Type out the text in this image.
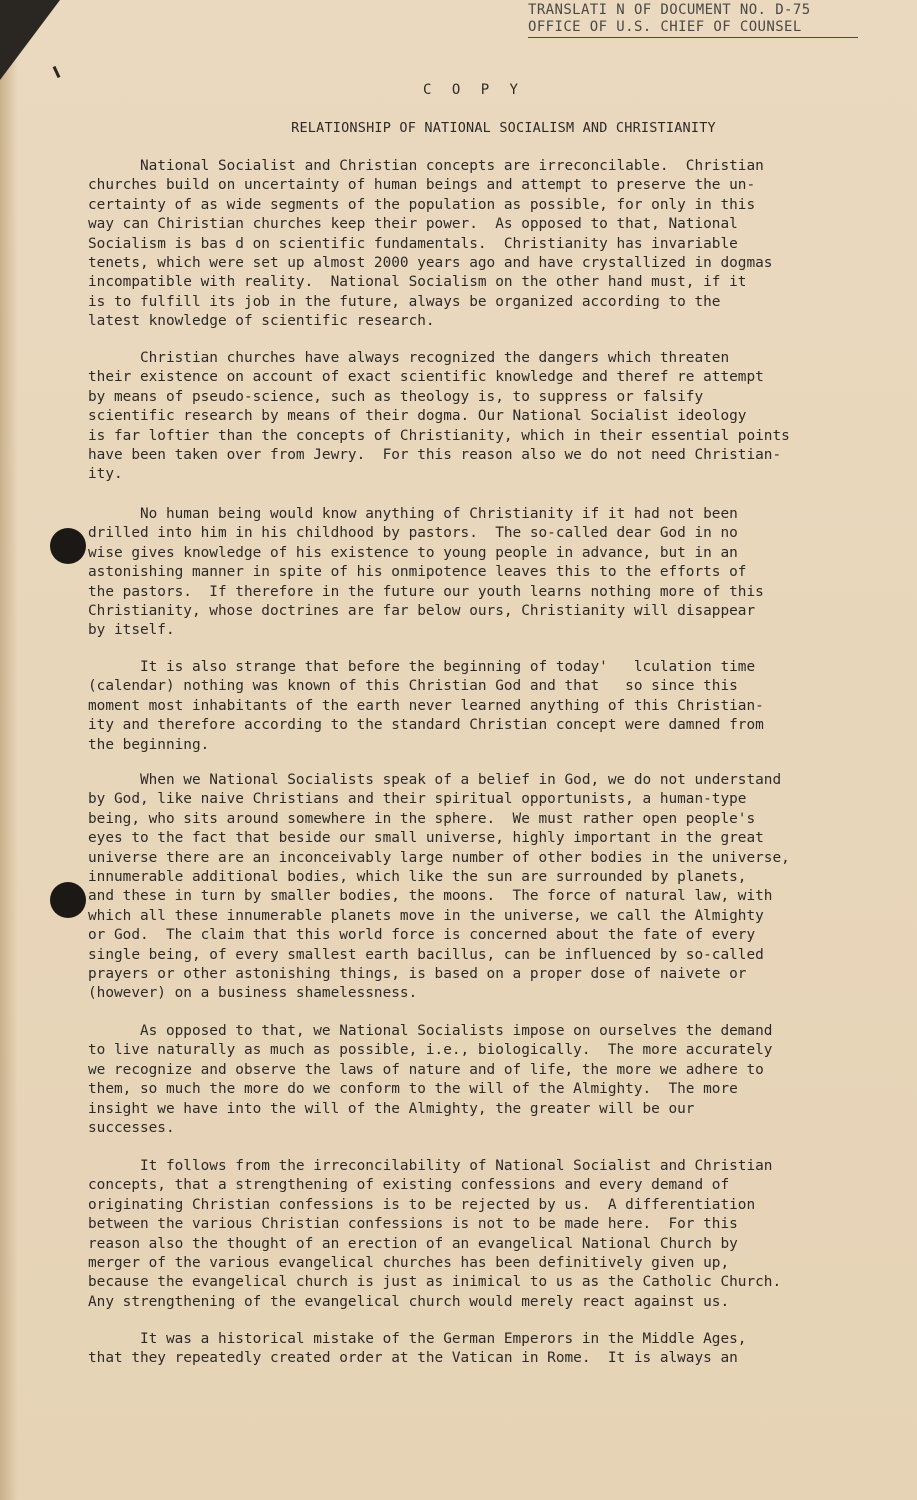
TRANSLATI N OF DOCUMENT NO. D-75
OFFICE OF U.S. CHIEF OF COUNSEL
C O P Y
RELATIONSHIP OF NATIONAL SOCIALISM AND CHRISTIANITY
National Socialist and Christian concepts are irreconcilable.  Christian
churches build on uncertainty of human beings and attempt to preserve the un-
certainty of as wide segments of the population as possible, for only in this
way can Chiristian churches keep their power.  As opposed to that, National
Socialism is bas d on scientific fundamentals.  Christianity has invariable
tenets, which were set up almost 2000 years ago and have crystallized in dogmas
incompatible with reality.  National Socialism on the other hand must, if it
is to fulfill its job in the future, always be organized according to the
latest knowledge of scientific research.
Christian churches have always recognized the dangers which threaten
their existence on account of exact scientific knowledge and theref re attempt
by means of pseudo-science, such as theology is, to suppress or falsify
scientific research by means of their dogma. Our National Socialist ideology
is far loftier than the concepts of Christianity, which in their essential points
have been taken over from Jewry.  For this reason also we do not need Christian-
ity.
No human being would know anything of Christianity if it had not been
drilled into him in his childhood by pastors.  The so-called dear God in no
wise gives knowledge of his existence to young people in advance, but in an
astonishing manner in spite of his onmipotence leaves this to the efforts of
the pastors.  If therefore in the future our youth learns nothing more of this
Christianity, whose doctrines are far below ours, Christianity will disappear
by itself.
It is also strange that before the beginning of today'   lculation time
(calendar) nothing was known of this Christian God and that   so since this
moment most inhabitants of the earth never learned anything of this Christian-
ity and therefore according to the standard Christian concept were damned from
the beginning.
When we National Socialists speak of a belief in God, we do not understand
by God, like naive Christians and their spiritual opportunists, a human-type
being, who sits around somewhere in the sphere.  We must rather open people's
eyes to the fact that beside our small universe, highly important in the great
universe there are an inconceivably large number of other bodies in the universe,
innumerable additional bodies, which like the sun are surrounded by planets,
and these in turn by smaller bodies, the moons.  The force of natural law, with
which all these innumerable planets move in the universe, we call the Almighty
or God.  The claim that this world force is concerned about the fate of every
single being, of every smallest earth bacillus, can be influenced by so-called
prayers or other astonishing things, is based on a proper dose of naivete or
(however) on a business shamelessness.
As opposed to that, we National Socialists impose on ourselves the demand
to live naturally as much as possible, i.e., biologically.  The more accurately
we recognize and observe the laws of nature and of life, the more we adhere to
them, so much the more do we conform to the will of the Almighty.  The more
insight we have into the will of the Almighty, the greater will be our
successes.
It follows from the irreconcilability of National Socialist and Christian
concepts, that a strengthening of existing confessions and every demand of
originating Christian confessions is to be rejected by us.  A differentiation
between the various Christian confessions is not to be made here.  For this
reason also the thought of an erection of an evangelical National Church by
merger of the various evangelical churches has been definitively given up,
because the evangelical church is just as inimical to us as the Catholic Church.
Any strengthening of the evangelical church would merely react against us.
It was a historical mistake of the German Emperors in the Middle Ages,
that they repeatedly created order at the Vatican in Rome.  It is always an
